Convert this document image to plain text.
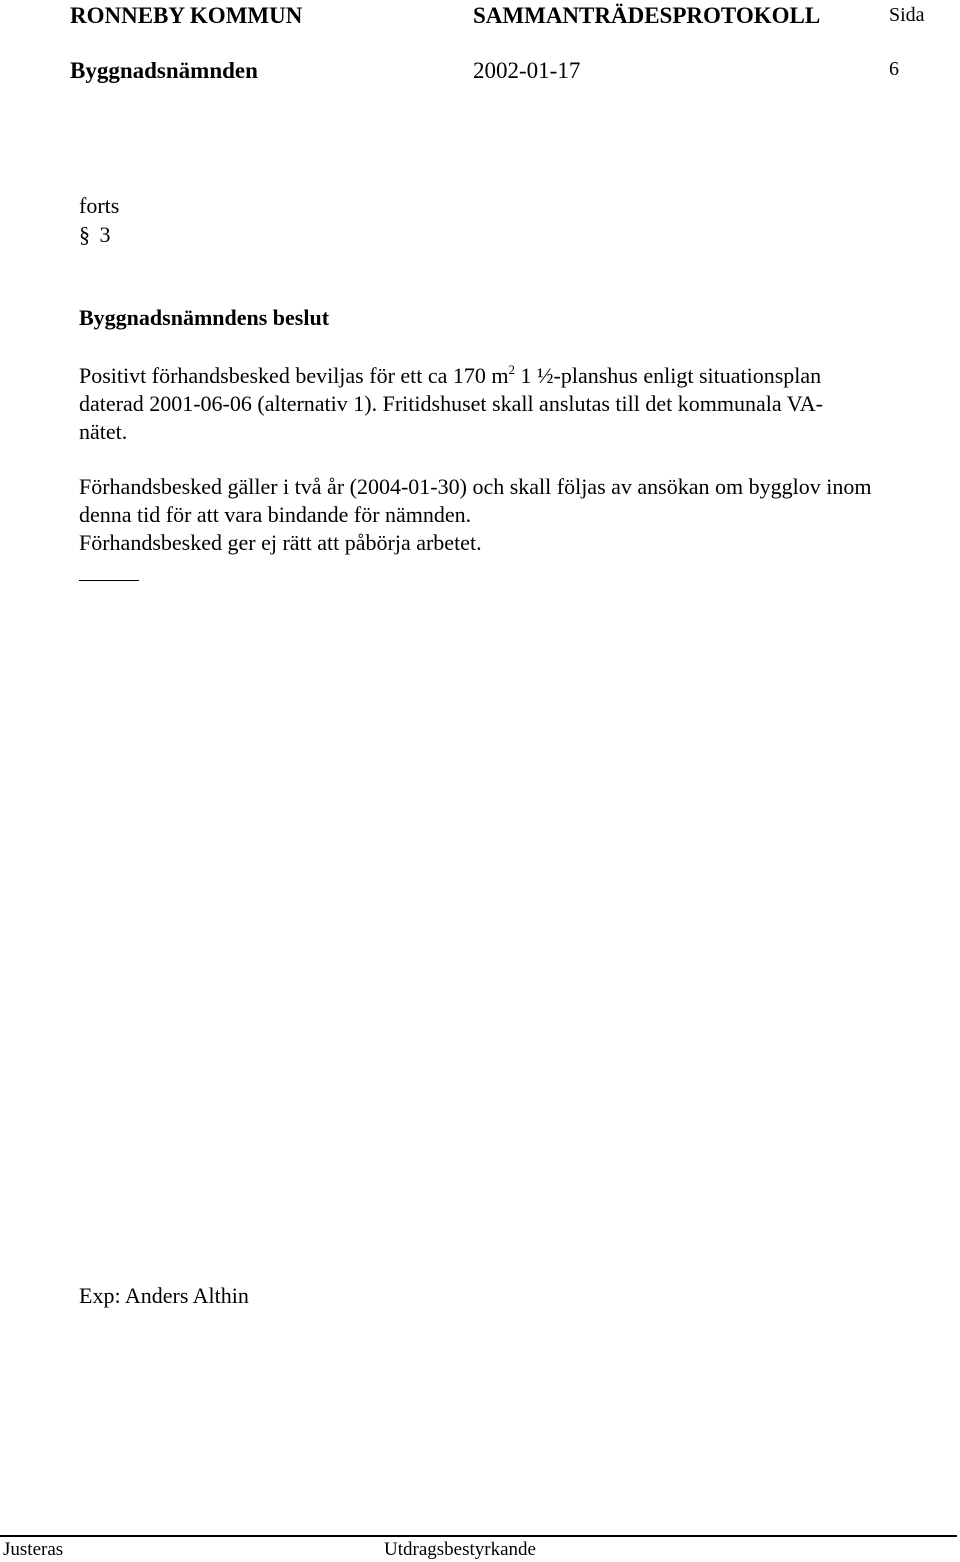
RONNEBY KOMMUN	SAMMANTRÄDESPROTOKOLL	Sida
Byggnadsnämnden	2002-01-17	6
forts
§ 3
Byggnadsnämndens beslut
Positivt förhandsbesked beviljas för ett ca 170 $m^2$ 1 ½-planshus enligt situationsplan
daterad 2001-06-06 (alternativ 1). Fritidshuset skall anslutas till det kommunala VA-
nätet.
Förhandsbesked gäller i två år (2004-01-30) och skall följas av ansökan om bygglov inom
denna tid för att vara bindande för nämnden.
Förhandsbesked ger ej rätt att påbörja arbetet.
Exp: Anders Althin
Justeras	Utdragsbestyrkande
